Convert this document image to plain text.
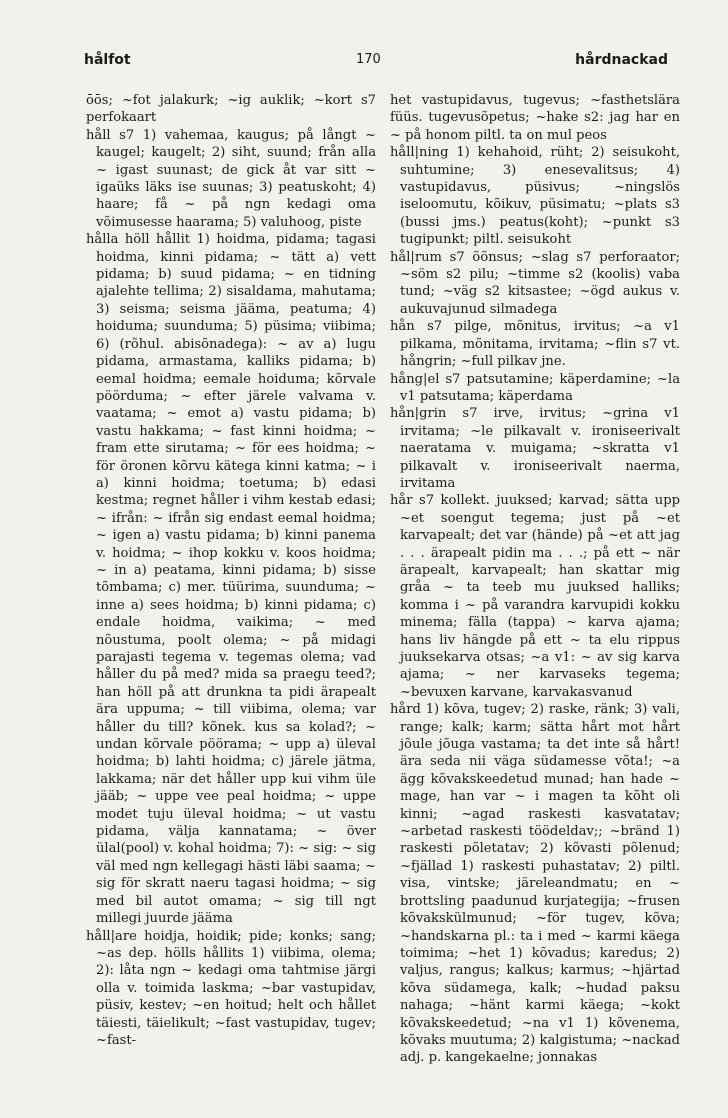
hålfot	170	hårdnackad

ōōs; ~fot jalakurk; ~ig auklik; ~kort s7 perfokaart

håll s7 1) vahemaa, kaugus; på långt ~ kaugel; kaugelt; 2) siht, suund; från alla ~ igast suunast; de gick åt var sitt ~ igaüks läks ise suunas; 3) peatuskoht; 4) haare; få ~ på ngn kedagi oma võimusesse haarama; 5) valuhoog, piste

hålla höll hållit 1) hoidma, pidama; tagasi hoidma, kinni pidama; ~ tätt a) vett pidama; b) suud pidama; ~ en tidning ajalehte tellima; 2) sisaldama, mahutama; 3) seisma; seisma jääma, peatuma; 4) hoiduma; suunduma; 5) püsima; viibima; 6) (rõhul. abisõnadega): ~ av a) lugu pidama, armastama, kalliks pidama; b) eemal hoidma; eemale hoiduma; kõrvale pöörduma; ~ efter järele valvama v. vaatama; ~ emot a) vastu pidama; b) vastu hakkama; ~ fast kinni hoidma; ~ fram ette sirutama; ~ för ees hoidma; ~ för öronen kõrvu kätega kinni katma; ~ i a) kinni hoidma; toetuma; b) edasi kestma; regnet håller i vihm kestab edasi; ~ ifrån: ~ ifrån sig endast eemal hoidma; ~ igen a) vastu pidama; b) kinni panema v. hoidma; ~ ihop kokku v. koos hoidma; ~ in a) peatama, kinni pidama; b) sisse tõmbama; c) mer. tüürima, suunduma; ~ inne a) sees hoidma; b) kinni pidama; c) endale hoidma, vaikima; ~ med nõustuma, poolt olema; ~ på midagi parajasti tegema v. tegemas olema; vad håller du på med? mida sa praegu teed?; han höll på att drunkna ta pidi ärapealt ära uppuma; ~ till viibima, olema; var håller du till? kõnek. kus sa kolad?; ~ undan kõrvale pöörama; ~ upp a) üleval hoidma; b) lahti hoidma; c) järele jätma, lakkama; när det håller upp kui vihm üle jääb; ~ uppe vee peal hoidma; ~ uppe modet tuju üleval hoidma; ~ ut vastu pidama, välja kannatama; ~ över ülal(pool) v. kohal hoidma; 7): ~ sig: ~ sig väl med ngn kellegagi hästi läbi saama; ~ sig för skratt naeru tagasi hoidma; ~ sig med bil autot omama; ~ sig till ngt millegi juurde jääma

håll|are hoidja, hoidik; pide; konks; sang; ~as dep. hölls hållits 1) viibima, olema; 2): låta ngn ~ kedagi oma tahtmise järgi olla v. toimida laskma; ~bar vastupidav, püsiv, kestev; ~en hoitud; helt och hållet täiesti, täielikult; ~fast vastupidav, tugev; ~fast-

het vastupidavus, tugevus; ~fasthetslära füüs. tugevusõpetus; ~hake s2: jag har en ~ på honom piltl. ta on mul peos

håll|ning 1) kehahoid, rüht; 2) seisukoht, suhtumine; 3) enesevalitsus; 4) vastupidavus, püsivus; ~ningslös iseloomutu, kõikuv, püsimatu; ~plats s3 (bussi jms.) peatus(koht); ~punkt s3 tugipunkt; piltl. seisukoht

hål|rum s7 õõnsus; ~slag s7 perforaator; ~söm s2 pilu; ~timme s2 (koolis) vaba tund; ~väg s2 kitsastee; ~ögd aukus v. aukuvajunud silmadega

hån s7 pilge, mõnitus, irvitus; ~a v1 pilkama, mõnitama, irvitama; ~flin s7 vt. hångrin; ~full pilkav jne.

hång|el s7 patsutamine; käperdamine; ~la v1 patsutama; käperdama

hån|grin s7 irve, irvitus; ~grina v1 irvitama; ~le pilkavalt v. ironiseerivalt naeratama v. muigama; ~skratta v1 pilkavalt v. ironiseerivalt naerma, irvitama

hår s7 kollekt. juuksed; karvad; sätta upp ~et soengut tegema; just på ~et karvapealt; det var (hände) på ~et att jag . . . ärapealt pidin ma . . .; på ett ~ när ärapealt, karvapealt; han skattar mig gråa ~ ta teeb mu juuksed halliks; komma i ~ på varandra karvupidi kokku minema; fälla (tappa) ~ karva ajama; hans liv hängde på ett ~ ta elu rippus juuksekarva otsas; ~a v1: ~ av sig karva ajama; ~ ner karvaseks tegema; ~bevuxen karvane, karvakasvanud

hård 1) kõva, tugev; 2) raske, ränk; 3) vali, range; kalk; karm; sätta hårt mot hårt jõule jõuga vastama; ta det inte så hårt! ära seda nii väga südamesse võta!; ~a ägg kõvakskeedetud munad; han hade ~ mage, han var ~ i magen ta kõht oli kinni; ~agad raskesti kasvatatav; ~arbetad raskesti töödeldav;; ~bränd 1) raskesti põletatav; 2) kõvasti põlenud; ~fjällad 1) raskesti puhastatav; 2) piltl. visa, vintske; järeleandmatu; en ~ brottsling paadunud kurjategija; ~frusen kõvakskülmunud; ~för tugev, kõva; ~handskarna pl.: ta i med ~ karmi käega toimima; ~het 1) kõvadus; karedus; 2) valjus, rangus; kalkus; karmus; ~hjärtad kõva südamega, kalk; ~hudad paksu nahaga; ~hänt karmi käega; ~kokt kõvakskeedetud; ~na v1 1) kõvenema, kõvaks muutuma; 2) kalgistuma; ~nackad adj. p. kangekaelne; jonnakas
